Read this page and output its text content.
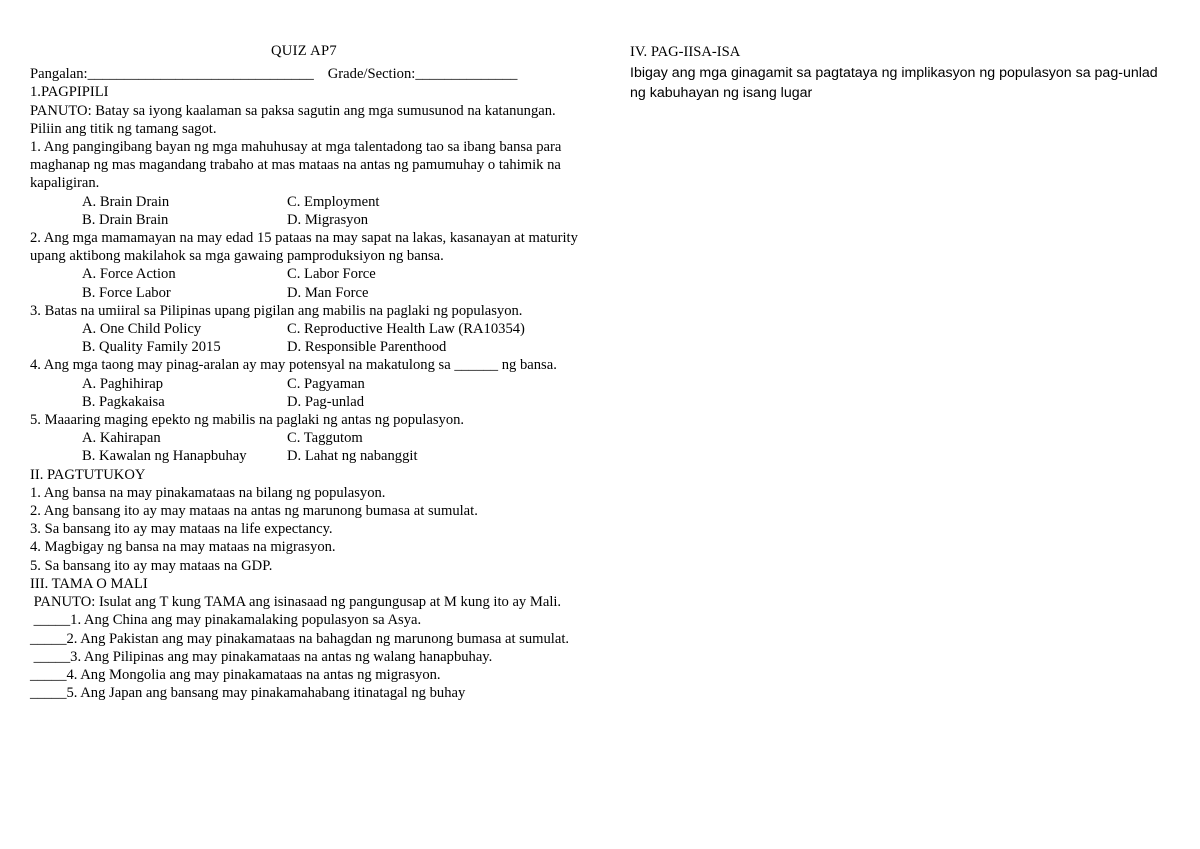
QUIZ AP7
Pangalan:_______________________________ Grade/Section:______________
1.PAGPIPILI
PANUTO: Batay sa iyong kaalaman sa paksa sagutin ang mga sumusunod na katanungan. Piliin ang titik ng tamang sagot.
1. Ang pangingibang bayan ng mga mahuhusay at mga talentadong tao sa ibang bansa para maghanap ng mas magandang trabaho at mas mataas na antas ng pamumuhay o tahimik na kapaligiran.
A. Brain Drain	C. Employment
B. Drain Brain	D. Migrasyon
2. Ang mga mamamayan na may edad 15 pataas na may sapat na lakas, kasanayan at maturity upang aktibong makilahok sa mga gawaing pamproduksiyon ng bansa.
A. Force Action	C. Labor Force
B. Force Labor	D. Man Force
3. Batas na umiiral sa Pilipinas upang pigilan ang mabilis na paglaki ng populasyon.
A. One Child Policy	C. Reproductive Health Law (RA10354)
B. Quality Family 2015	D. Responsible Parenthood
4. Ang mga taong may pinag-aralan ay may potensyal na makatulong sa ______ ng bansa.
A. Paghihirap	C. Pagyaman
B. Pagkakaisa	D. Pag-unlad
5. Maaaring maging epekto ng mabilis na paglaki ng antas ng populasyon.
A. Kahirapan	C. Taggutom
B. Kawalan ng Hanapbuhay	D. Lahat ng nabanggit
II. PAGTUTUKOY
1. Ang bansa na may pinakamataas na bilang ng populasyon.
2. Ang bansang ito ay may mataas na antas ng marunong bumasa at sumulat.
3. Sa bansang ito ay may mataas na life expectancy.
4. Magbigay ng bansa na may mataas na migrasyon.
5. Sa bansang ito ay may mataas na GDP.
III. TAMA O MALI
PANUTO: Isulat ang T kung TAMA ang isinasaad ng pangungusap at M kung ito ay Mali.
_____1. Ang China ang may pinakamalaking populasyon sa Asya.
_____2. Ang Pakistan ang may pinakamataas na bahagdan ng marunong bumasa at sumulat.
_____3. Ang Pilipinas ang may pinakamataas na antas ng walang hanapbuhay.
_____4. Ang Mongolia ang may pinakamataas na antas ng migrasyon.
_____5. Ang Japan ang bansang may pinakamahabang itinatagal ng buhay
IV. PAG-IISA-ISA
Ibigay ang mga ginagamit sa pagtataya ng implikasyon ng populasyon sa pag-unlad ng kabuhayan ng isang lugar
